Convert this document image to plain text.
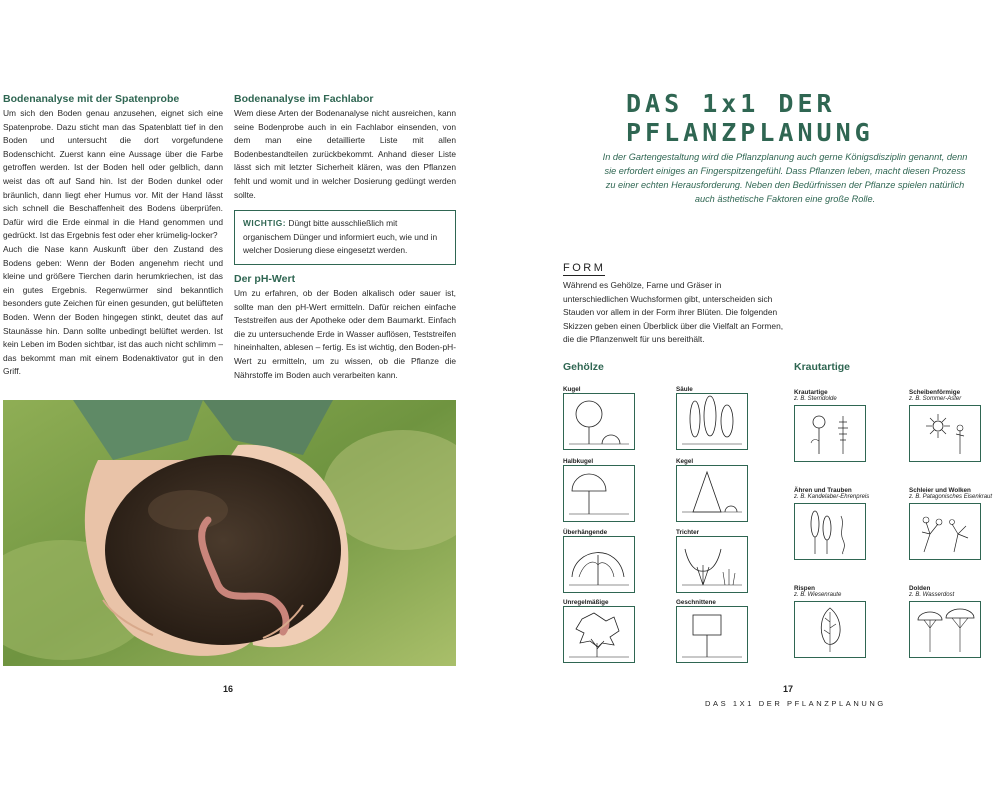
Bodenanalyse mit der Spatenprobe

Um sich den Boden genau anzusehen, eignet sich eine Spatenprobe. Dazu sticht man das Spatenblatt tief in den Boden und untersucht die dort vorgefundene Bodenschicht. Zuerst kann eine Aussage über die Farbe getroffen werden. Ist der Boden hell oder gelblich, dann weist das oft auf Sand hin. Ist der Boden dunkel oder bräunlich, dann liegt eher Humus vor. Mit der Hand lässt sich schnell die Beschaffenheit des Bodens überprüfen. Dafür wird die Erde einmal in die Hand genommen und gedrückt. Ist das Ergebnis fest oder eher krümelig-locker?

Auch die Nase kann Auskunft über den Zustand des Bodens geben: Wenn der Boden angenehm riecht und kleine und größere Tierchen darin herumkriechen, ist das ein gutes Ergebnis. Regenwürmer sind bekanntlich besonders gute Zeichen für einen gesunden, gut belüfteten Boden. Wenn der Boden hingegen stinkt, deutet das auf Staunässe hin. Dann sollte unbedingt belüftet werden. Ist kein Leben im Boden sichtbar, ist das auch nicht schlimm – das bekommt man mit einem Bodenaktivator gut in den Griff.

Bodenanalyse im Fachlabor
Wem diese Arten der Bodenanalyse nicht ausreichen, kann seine Bodenprobe auch in ein Fachlabor einsenden, von dem man eine detaillierte Liste mit allen Bodenbestandteilen zurückbekommt. Anhand dieser Liste lässt sich mit letzter Sicherheit klären, was den Pflanzen fehlt und womit und in welcher Dosierung gedüngt werden sollte.
WICHTIG: Düngt bitte ausschließlich mit organischem Dünger und informiert euch, wie und in welcher Dosierung diese eingesetzt werden.
Der pH-Wert
Um zu erfahren, ob der Boden alkalisch oder sauer ist, sollte man den pH-Wert ermitteln. Dafür reichen einfache Teststreifen aus der Apotheke oder dem Baumarkt. Einfach die zu untersuchende Erde in Wasser auflösen, Teststreifen hineinhalten, ablesen – fertig. Es ist wichtig, den Boden-pH-Wert zu ermitteln, um zu wissen, ob die Pflanze die Nährstoffe im Boden auch verarbeiten kann.
16
DAS 1x1 DER PFLANZPLANUNG
In der Gartengestaltung wird die Pflanzplanung auch gerne Königsdisziplin genannt, denn sie erfordert einiges an Fingerspitzengefühl. Dass Pflanzen leben, macht diesen Prozess zu einer echten Herausforderung. Neben den Bedürfnissen der Pflanze spielen natürlich auch ästhetische Faktoren eine große Rolle.
FORM
Während es Gehölze, Farne und Gräser in unterschiedlichen Wuchsformen gibt, unterscheiden sich Stauden vor allem in der Form ihrer Blüten. Die folgenden Skizzen geben einen Überblick über die Vielfalt an Formen, die die Pflanzenwelt für uns bereithält.
Gehölze	Krautartige
Kugel	Säule
Halbkugel	Kegel
Überhängende	Trichter
Unregelmäßige	Geschnittene
Krautartige
z. B. Sterndolde
Scheibenförmige
z. B. Sommer-Aster
Ähren und Trauben
z. B. Kandelaber-Ehrenpreis
Schleier und Wolken
z. B. Patagonisches Eisenkraut
Rispen
z. B. Wiesenraute
Dolden
z. B. Wasserdost
17
DAS 1X1 DER PFLANZPLANUNG
